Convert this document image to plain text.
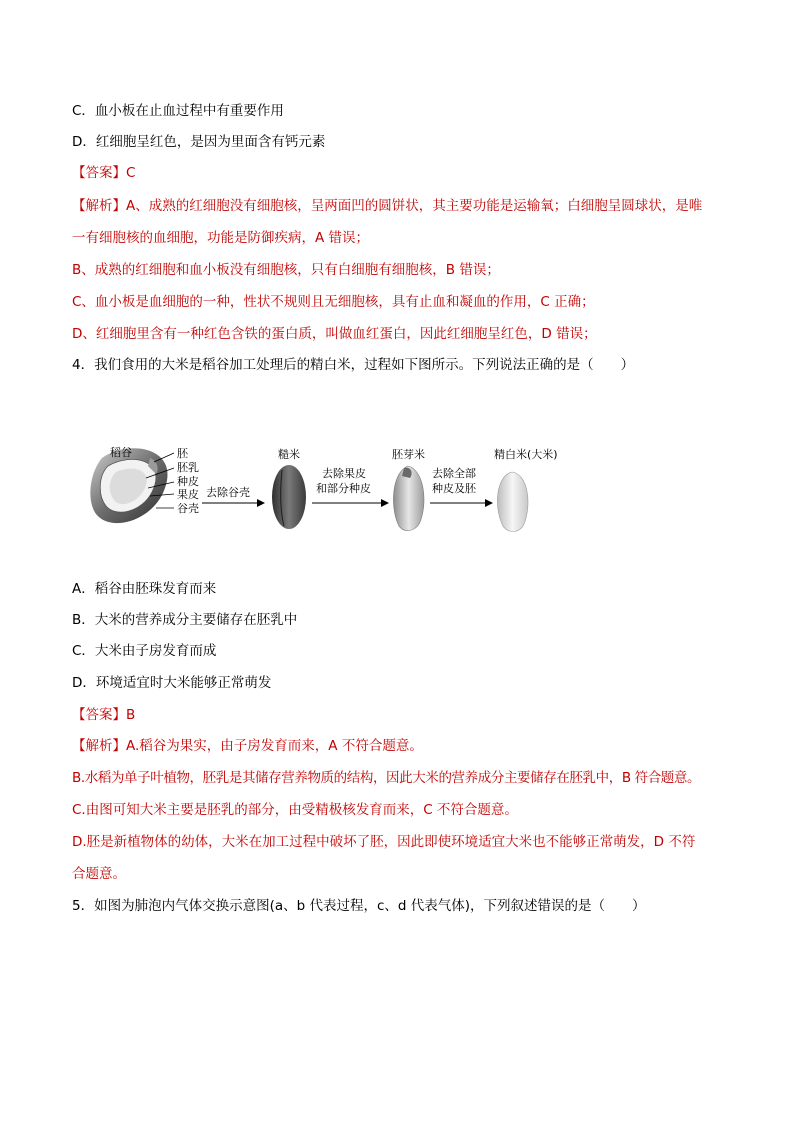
C．血小板在止血过程中有重要作用
D．红细胞呈红色，是因为里面含有钙元素
【答案】C
【解析】A、成熟的红细胞没有细胞核，呈两面凹的圆饼状，其主要功能是运输氧；白细胞呈圆球状，是唯
一有细胞核的血细胞，功能是防御疾病，A 错误；
B、成熟的红细胞和血小板没有细胞核，只有白细胞有细胞核，B 错误；
C、血小板是血细胞的一种，性状不规则且无细胞核，具有止血和凝血的作用，C 正确；
D、红细胞里含有一种红色含铁的蛋白质，叫做血红蛋白，因此红细胞呈红色，D 错误；
4．我们食用的大米是稻谷加工处理后的精白米，过程如下图所示。下列说法正确的是（　　）
稻谷	胚
胚乳
种皮
果皮
谷壳
去除谷壳
糙米
去除果皮
和部分种皮
胚芽米
去除全部
种皮及胚
精白米(大米)
A．稻谷由胚珠发育而来
B．大米的营养成分主要储存在胚乳中
C．大米由子房发育而成
D．环境适宜时大米能够正常萌发
【答案】B
【解析】A.稻谷为果实，由子房发育而来，A 不符合题意。
B.水稻为单子叶植物，胚乳是其储存营养物质的结构，因此大米的营养成分主要储存在胚乳中，B 符合题意。
C.由图可知大米主要是胚乳的部分，由受精极核发育而来，C 不符合题意。
D.胚是新植物体的幼体，大米在加工过程中破坏了胚，因此即使环境适宜大米也不能够正常萌发，D 不符
合题意。
5．如图为肺泡内气体交换示意图(a、b 代表过程，c、d 代表气体)，下列叙述错误的是（　　）
